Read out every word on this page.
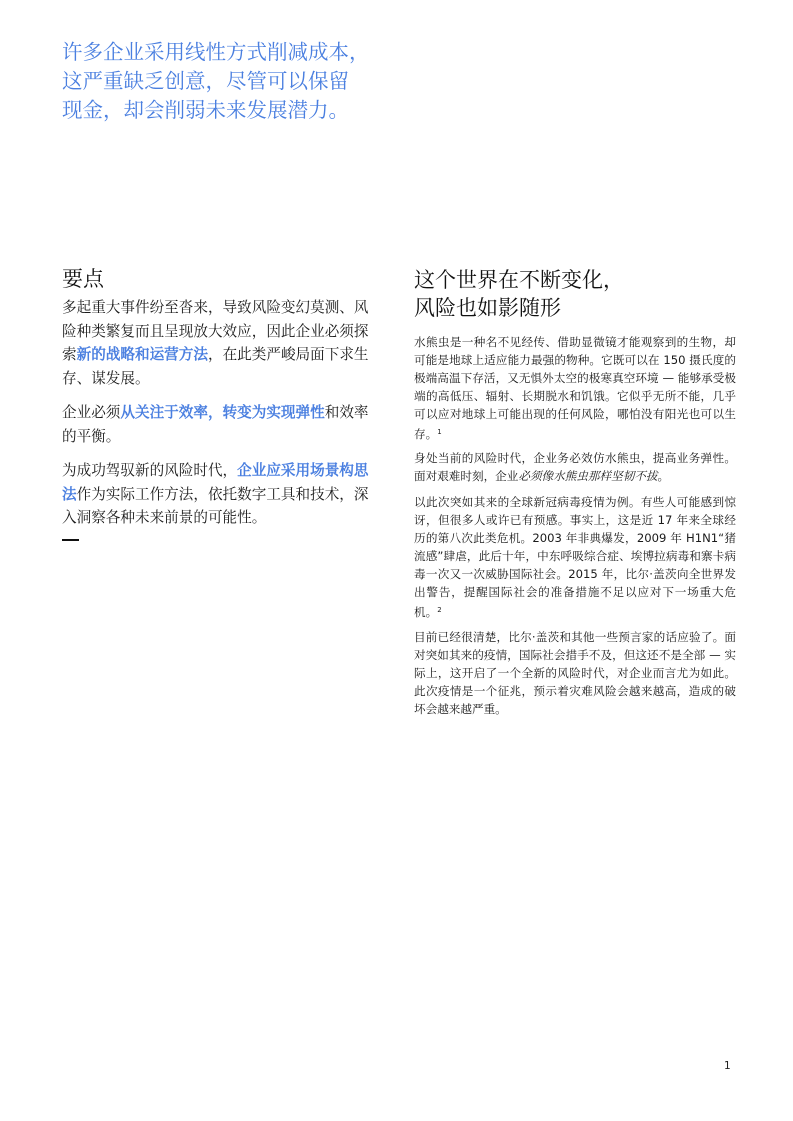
许多企业采用线性方式削减成本，
这严重缺乏创意，尽管可以保留
现金，却会削弱未来发展潜力。
要点
多起重大事件纷至沓来，导致风险变幻莫测、风险种类繁复而且呈现放大效应，因此企业必须探索新的战略和运营方法，在此类严峻局面下求生存、谋发展。
企业必须从关注于效率，转变为实现弹性和效率的平衡。
为成功驾驭新的风险时代，企业应采用场景构思法作为实际工作方法，依托数字工具和技术，深入洞察各种未来前景的可能性。
这个世界在不断变化，
风险也如影随形
水熊虫是一种名不见经传、借助显微镜才能观察到的生物，却可能是地球上适应能力最强的物种。它既可以在 150 摄氏度的极端高温下存活，又无惧外太空的极寒真空环境 — 能够承受极端的高低压、辐射、长期脱水和饥饿。它似乎无所不能，几乎可以应对地球上可能出现的任何风险，哪怕没有阳光也可以生存。$^1$
身处当前的风险时代，企业务必效仿水熊虫，提高业务弹性。面对艰难时刻，企业必须像水熊虫那样坚韧不拔。
以此次突如其来的全球新冠病毒疫情为例。有些人可能感到惊讶，但很多人或许已有预感。事实上，这是近 17 年来全球经历的第八次此类危机。2003 年非典爆发，2009 年 H1N1“猪流感”肆虐，此后十年，中东呼吸综合症、埃博拉病毒和寨卡病毒一次又一次威胁国际社会。2015 年，比尔·盖茨向全世界发出警告，提醒国际社会的准备措施不足以应对下一场重大危机。$^2$
目前已经很清楚，比尔·盖茨和其他一些预言家的话应验了。面对突如其来的疫情，国际社会措手不及，但这还不是全部 — 实际上，这开启了一个全新的风险时代，对企业而言尤为如此。此次疫情是一个征兆，预示着灾难风险会越来越高，造成的破坏会越来越严重。
1
